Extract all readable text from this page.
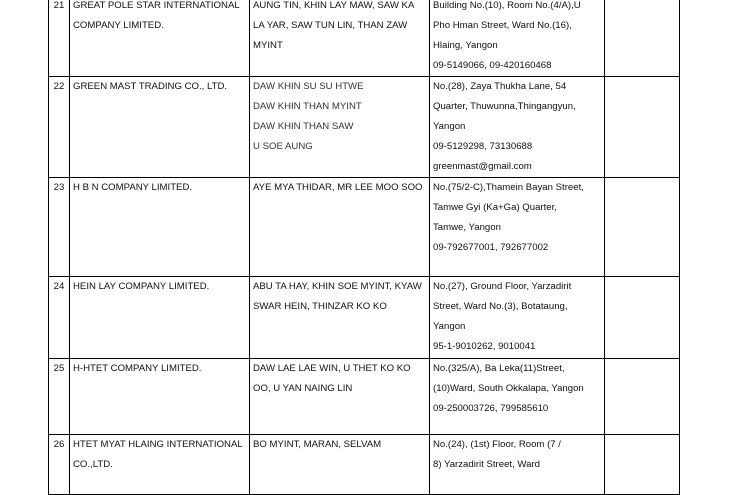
21	GREAT POLE STAR INTERNATIONAL
COMPANY LIMITED.	AUNG TIN, KHIN LAY MAW, SAW KA
LA YAR, SAW TUN LIN, THAN ZAW
MYINT	Building No.(10), Room No.(4/A),U
Pho Hman Street, Ward No.(16),
Hlaing, Yangon
09-5149066, 09-420160468	

22	GREEN MAST TRADING CO., LTD.	DAW KHIN SU SU HTWE
DAW KHIN THAN MYINT
DAW KHIN THAN SAW
U SOE AUNG	No.(28), Zaya Thukha Lane, 54
Quarter, Thuwunna,Thingangyun,
Yangon
09-5129298, 73130688
greenmast@gmail.com	

23	H B N COMPANY LIMITED.	AYE MYA THIDAR, MR LEE MOO SOO	No.(75/2-C),Thamein Bayan Street,
Tamwe Gyi (Ka+Ga) Quarter,
Tamwe, Yangon
09-792677001, 792677002	

24	HEIN LAY COMPANY LIMITED.	ABU TA HAY, KHIN SOE MYINT, KYAW
SWAR HEIN, THINZAR KO KO	No.(27), Ground Floor, Yarzadirit
Street, Ward No.(3), Botataung,
Yangon
95-1-9010262, 9010041	

25	H-HTET COMPANY LIMITED.	DAW LAE LAE WIN, U THET KO KO
OO, U YAN NAING LIN	No.(325/A), Ba Leka(11)Street,
(10)Ward, South Okkalapa, Yangon
09-250003726, 799585610	

26	HTET MYAT HLAING INTERNATIONAL
CO.,LTD.	BO MYINT, MARAN, SELVAM	No.(24), (1st) Floor, Room (7 /
8) Yarzadirit Street, Ward	
